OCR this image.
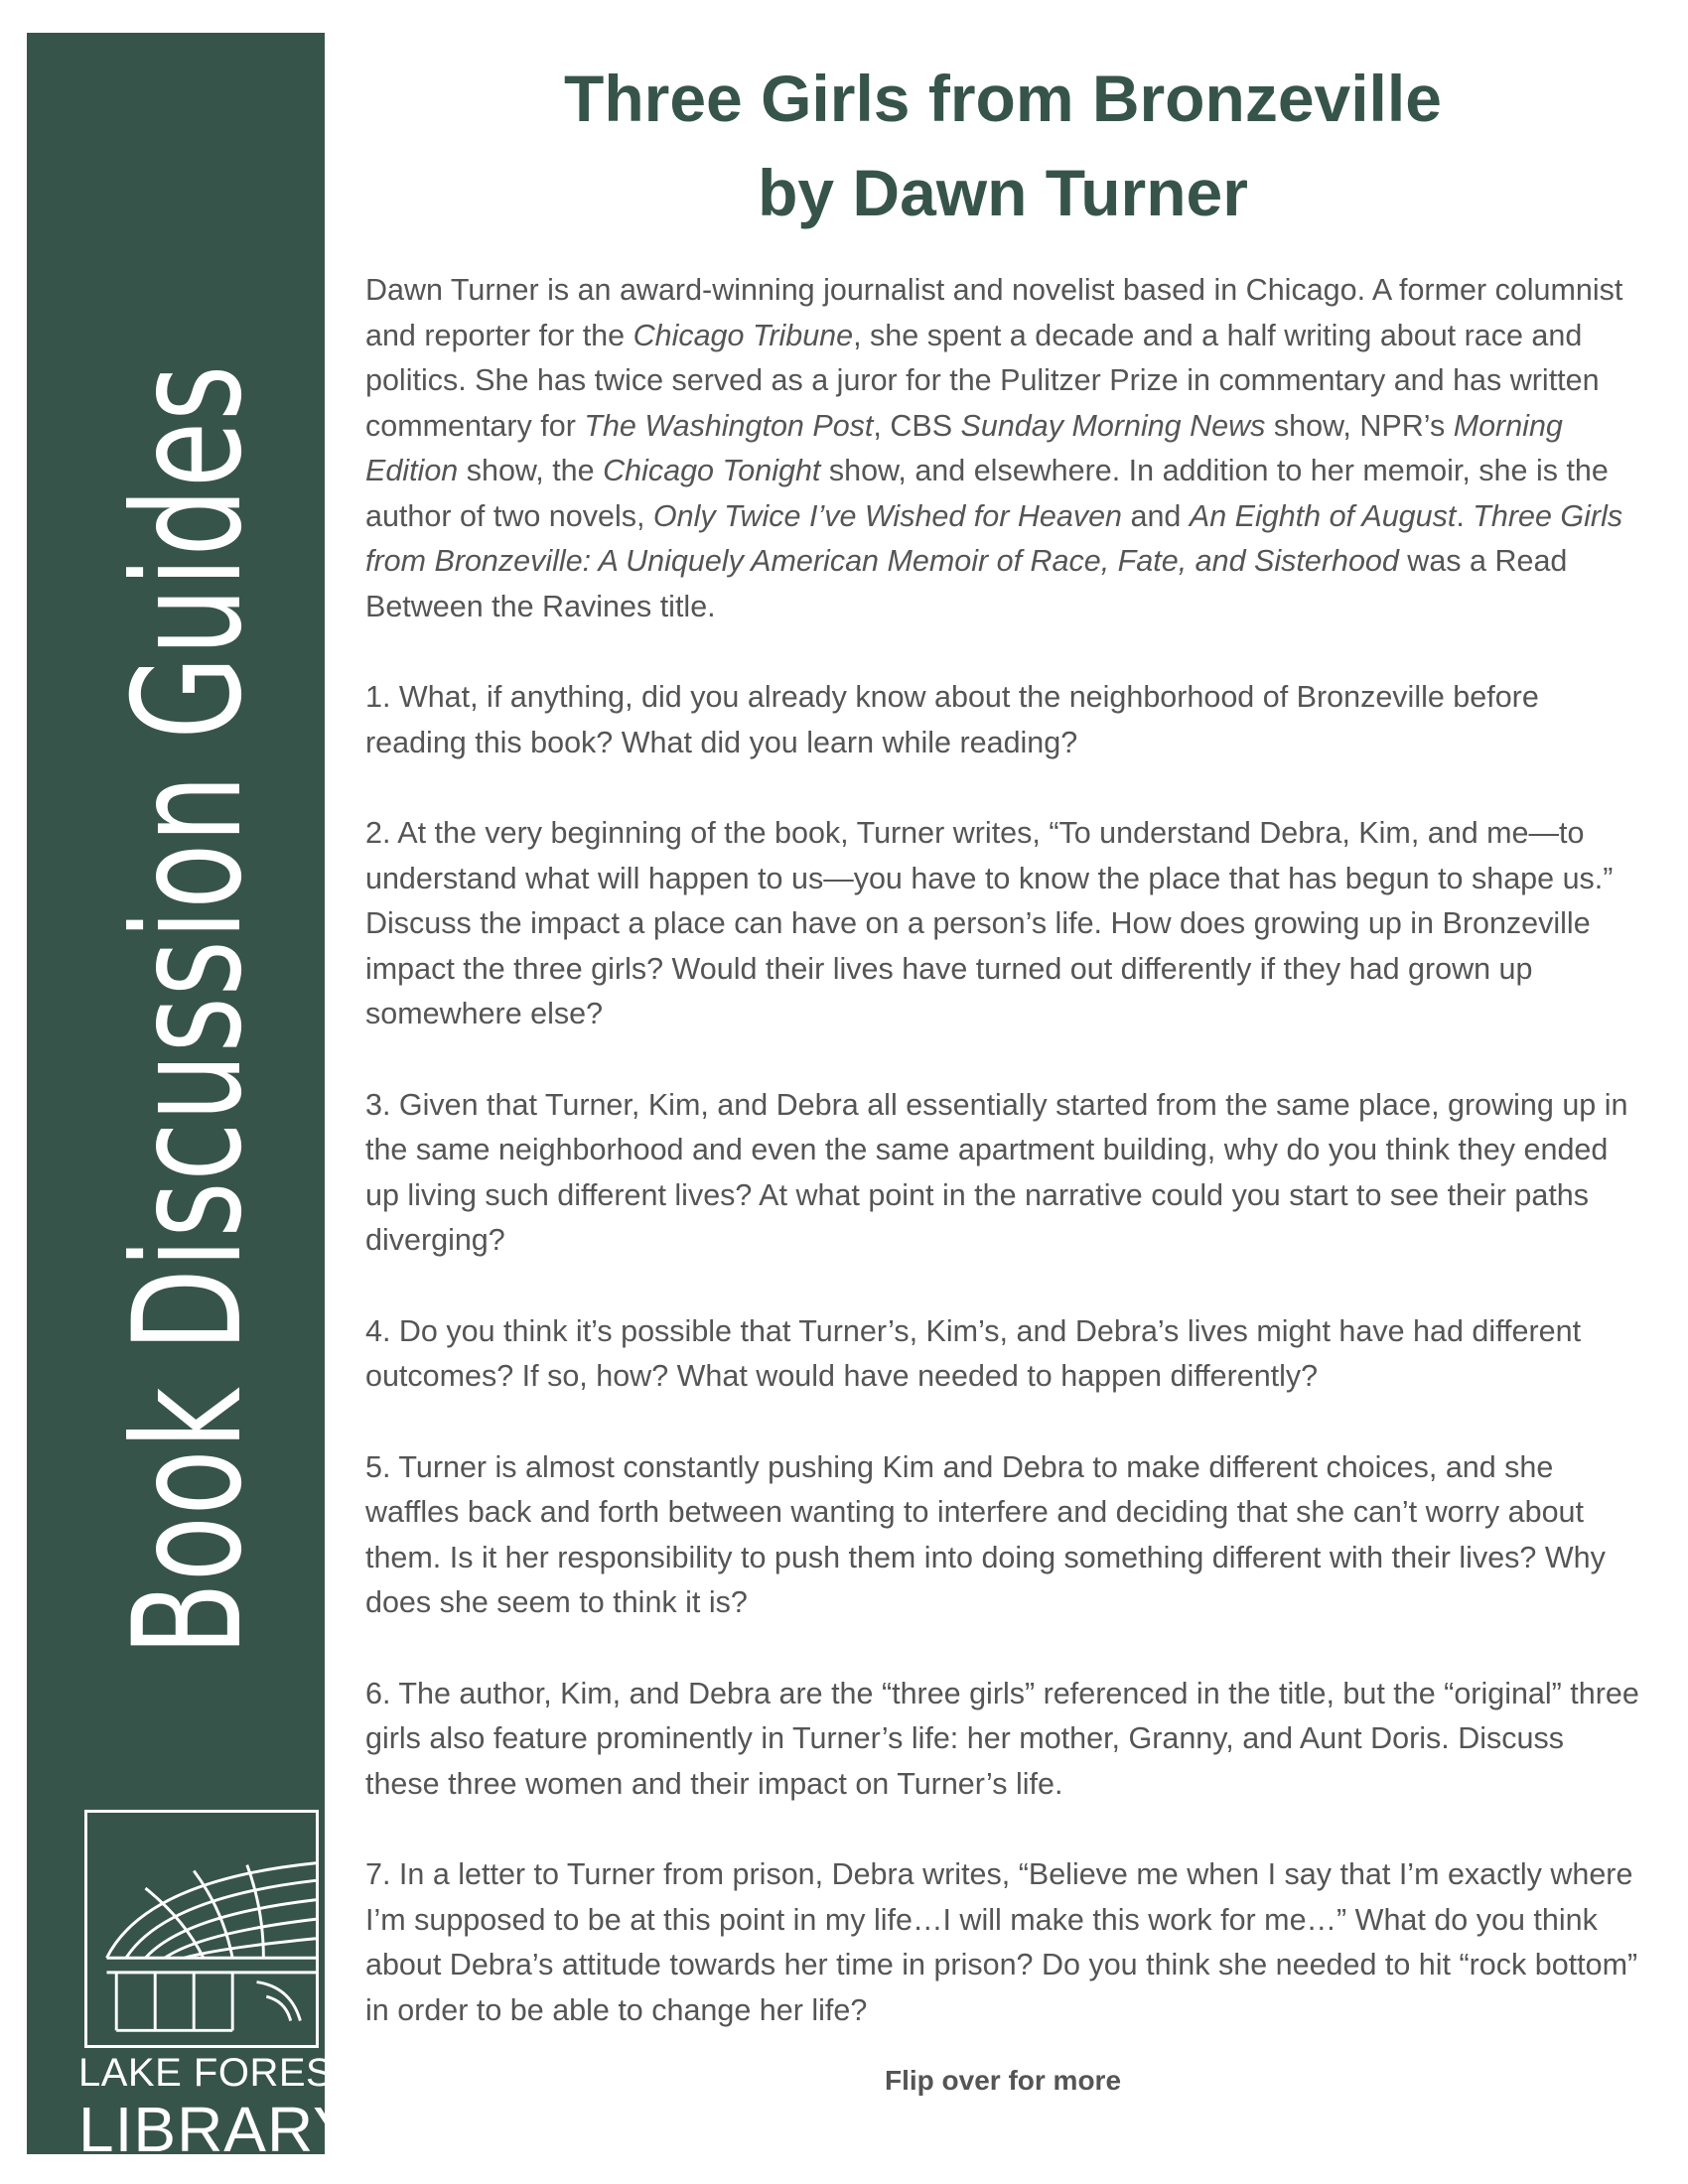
Book Discussion Guides
LAKE FOREST
LIBRARY
Three Girls from Bronzeville
by Dawn Turner

Dawn Turner is an award-winning journalist and novelist based in Chicago. A former columnist and reporter for the Chicago Tribune, she spent a decade and a half writing about race and politics. She has twice served as a juror for the Pulitzer Prize in commentary and has written commentary for The Washington Post, CBS Sunday Morning News show, NPR’s Morning Edition show, the Chicago Tonight show, and elsewhere. In addition to her memoir, she is the author of two novels, Only Twice I’ve Wished for Heaven and An Eighth of August. Three Girls from Bronzeville: A Uniquely American Memoir of Race, Fate, and Sisterhood was a Read Between the Ravines title.

1. What, if anything, did you already know about the neighborhood of Bronzeville before reading this book? What did you learn while reading?

2. At the very beginning of the book, Turner writes, “To understand Debra, Kim, and me—to understand what will happen to us—you have to know the place that has begun to shape us.” Discuss the impact a place can have on a person’s life. How does growing up in Bronzeville impact the three girls? Would their lives have turned out differently if they had grown up somewhere else?

3. Given that Turner, Kim, and Debra all essentially started from the same place, growing up in the same neighborhood and even the same apartment building, why do you think they ended up living such different lives? At what point in the narrative could you start to see their paths diverging?

4. Do you think it’s possible that Turner’s, Kim’s, and Debra’s lives might have had different outcomes? If so, how? What would have needed to happen differently?

5. Turner is almost constantly pushing Kim and Debra to make different choices, and she waffles back and forth between wanting to interfere and deciding that she can’t worry about them. Is it her responsibility to push them into doing something different with their lives? Why does she seem to think it is?

6. The author, Kim, and Debra are the “three girls” referenced in the title, but the “original” three girls also feature prominently in Turner’s life: her mother, Granny, and Aunt Doris. Discuss these three women and their impact on Turner’s life.

7. In a letter to Turner from prison, Debra writes, “Believe me when I say that I’m exactly where I’m supposed to be at this point in my life…I will make this work for me…” What do you think about Debra’s attitude towards her time in prison? Do you think she needed to hit “rock bottom” in order to be able to change her life?

Flip over for more
